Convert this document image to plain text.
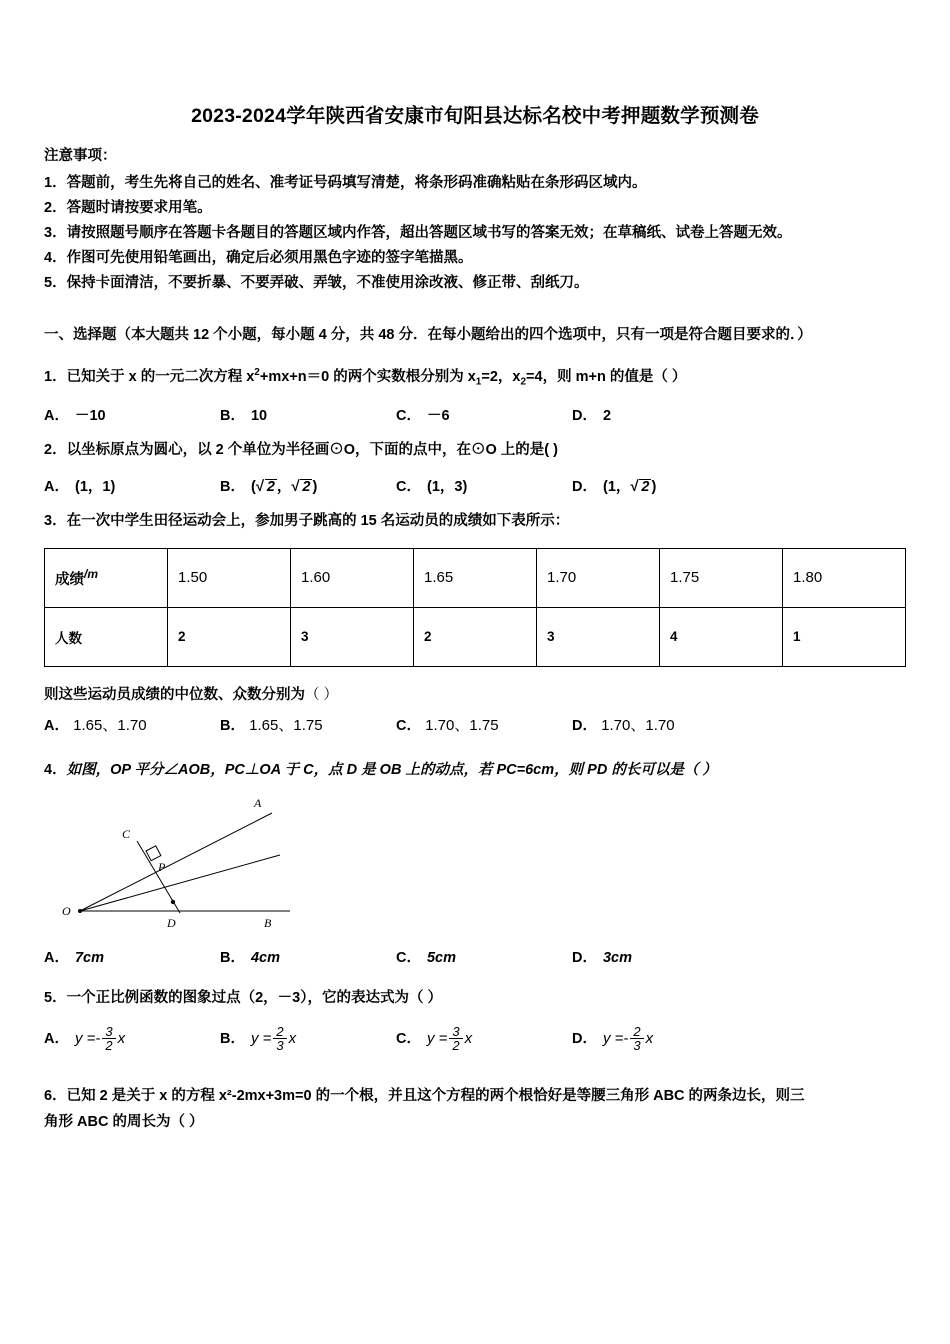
2023-2024学年陕西省安康市旬阳县达标名校中考押题数学预测卷
注意事项：
1．答题前，考生先将自己的姓名、准考证号码填写清楚，将条形码准确粘贴在条形码区域内。
2．答题时请按要求用笔。
3．请按照题号顺序在答题卡各题目的答题区域内作答，超出答题区域书写的答案无效；在草稿纸、试卷上答题无效。
4．作图可先使用铅笔画出，确定后必须用黑色字迹的签字笔描黑。
5．保持卡面清洁，不要折暴、不要弄破、弄皱，不准使用涂改液、修正带、刮纸刀。
一、选择题（本大题共 12 个小题，每小题 4 分，共 48 分．在每小题给出的四个选项中，只有一项是符合题目要求的．）
1．已知关于 x 的一元二次方程 $x^2+mx+n=0$ 的两个实数根分别为 $x_1=2$，$x_2=4$，则 m+n 的值是（ ）
A． －10	B． 10	C． －6	D． 2
2．以坐标原点为圆心，以 2 个单位为半径画⊙O，下面的点中，在⊙O 上的是( )
A． (1，1)	B． ( √ 2 ， √ 2 )	C． (1，3)	D． (1， √ 2 )
3．在一次中学生田径运动会上，参加男子跳高的 15 名运动员的成绩如下表所示：
成绩$^{/m}$	1.50	1.60	1.65	1.70	1.75	1.80
人数	2	3	2	3	4	1
则这些运动员成绩的中位数、众数分别为（ ）
A． 1.65、1.70	B． 1.65、1.75	C． 1.70、1.75	D． 1.70、1.70
4．如图，OP 平分∠AOB，PC⊥OA 于 C，点 D 是 OB 上的动点，若 PC=6cm，则 PD 的长可以是（ ）
A
C
P
O
D	B
A． 7cm	B． 4cm	C． 5cm	D． 3cm
5．一个正比例函数的图象过点（2，－3），它的表达式为（ ）
A． $y =- \frac{3}{2}$ x	B． $y = \frac{2}{3}$ x	C． $y = \frac{3}{2}$ x	D． $y =- \frac{2}{3}$ x
6．已知 2 是关于 x 的方程 x²-2mx+3m=0 的一个根，并且这个方程的两个根恰好是等腰三角形 ABC 的两条边长，则三
角形 ABC 的周长为（ ）
